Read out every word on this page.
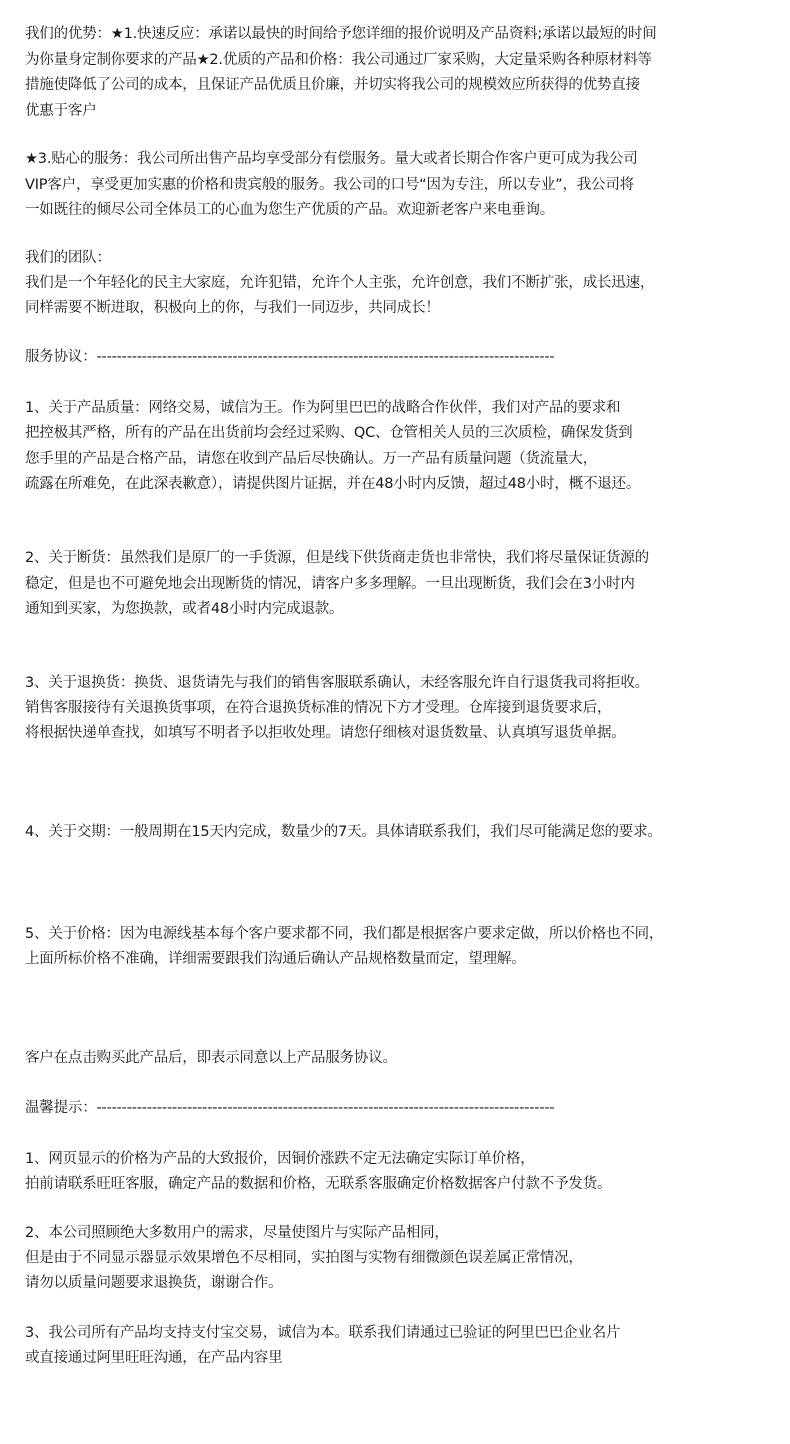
我们的优势：★1.快速反应：承诺以最快的时间给予您详细的报价说明及产品资料;承诺以最短的时间
为你量身定制你要求的产品★2.优质的产品和价格：我公司通过厂家采购，大定量采购各种原材料等
措施使降低了公司的成本，且保证产品优质且价廉，并切实将我公司的规模效应所获得的优势直接
优惠于客户
★3.贴心的服务：我公司所出售产品均享受部分有偿服务。量大或者长期合作客户更可成为我公司
VIP客户，享受更加实惠的价格和贵宾般的服务。我公司的口号“因为专注，所以专业”，我公司将
一如既往的倾尽公司全体员工的心血为您生产优质的产品。欢迎新老客户来电垂询。
我们的团队：
我们是一个年轻化的民主大家庭，允许犯错，允许个人主张，允许创意，我们不断扩张，成长迅速，
同样需要不断进取，积极向上的你，与我们一同迈步，共同成长！
服务协议：-------------------------------------------------------------------------------------------
1、关于产品质量：网络交易，诚信为王。作为阿里巴巴的战略合作伙伴，我们对产品的要求和
把控极其严格，所有的产品在出货前均会经过采购、QC、仓管相关人员的三次质检，确保发货到
您手里的产品是合格产品，请您在收到产品后尽快确认。万一产品有质量问题（货流量大，
疏露在所难免，在此深表歉意），请提供图片证据，并在48小时内反馈，超过48小时，概不退还。
2、关于断货：虽然我们是原厂的一手货源，但是线下供货商走货也非常快，我们将尽量保证货源的
稳定，但是也不可避免地会出现断货的情况，请客户多多理解。一旦出现断货，我们会在3小时内
通知到买家，为您换款，或者48小时内完成退款。
3、关于退换货：换货、退货请先与我们的销售客服联系确认，未经客服允许自行退货我司将拒收。
销售客服接待有关退换货事项，在符合退换货标准的情况下方才受理。仓库接到退货要求后，
将根据快递单查找，如填写不明者予以拒收处理。请您仔细核对退货数量、认真填写退货单据。
4、关于交期：一般周期在15天内完成，数量少的7天。具体请联系我们，我们尽可能满足您的要求。
5、关于价格：因为电源线基本每个客户要求都不同，我们都是根据客户要求定做，所以价格也不同，
上面所标价格不准确，详细需要跟我们沟通后确认产品规格数量而定，望理解。
客户在点击购买此产品后，即表示同意以上产品服务协议。
温馨提示：-------------------------------------------------------------------------------------------
1、网页显示的价格为产品的大致报价，因铜价涨跌不定无法确定实际订单价格，
拍前请联系旺旺客服，确定产品的数据和价格，无联系客服确定价格数据客户付款不予发货。
2、本公司照顾绝大多数用户的需求，尽量使图片与实际产品相同，
但是由于不同显示器显示效果增色不尽相同，实拍图与实物有细微颜色误差属正常情况，
请勿以质量问题要求退换货，谢谢合作。
3、我公司所有产品均支持支付宝交易，诚信为本。联系我们请通过已验证的阿里巴巴企业名片
或直接通过阿里旺旺沟通，在产品内容里
